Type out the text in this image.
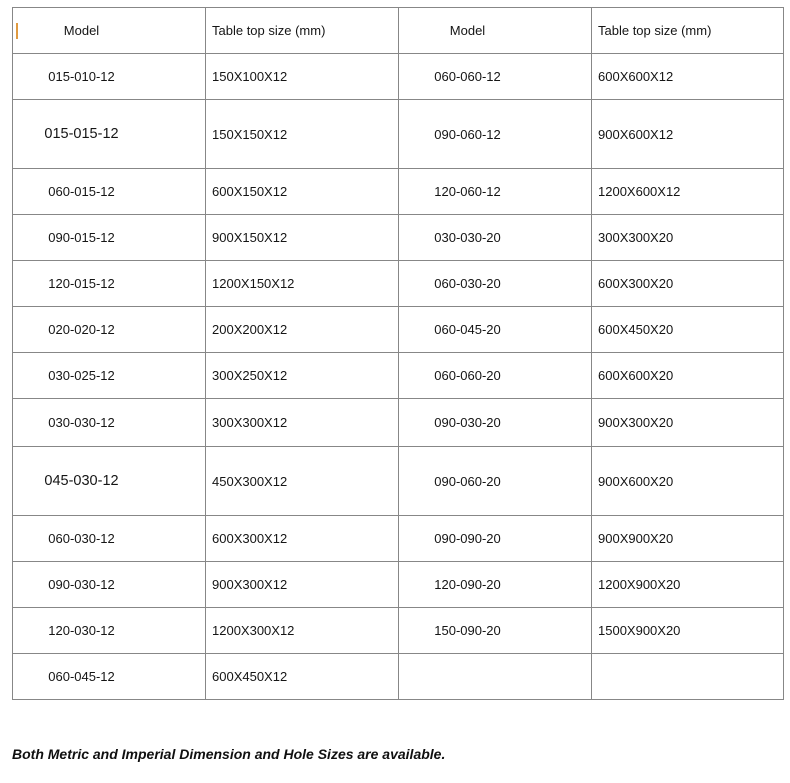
Model	Table top size (mm)	Model	Table top size (mm)
015-010-12	150X100X12	060-060-12	600X600X12
015-015-12	150X150X12	090-060-12	900X600X12
060-015-12	600X150X12	120-060-12	1200X600X12
090-015-12	900X150X12	030-030-20	300X300X20
120-015-12	1200X150X12	060-030-20	600X300X20
020-020-12	200X200X12	060-045-20	600X450X20
030-025-12	300X250X12	060-060-20	600X600X20
030-030-12	300X300X12	090-030-20	900X300X20
045-030-12	450X300X12	090-060-20	900X600X20
060-030-12	600X300X12	090-090-20	900X900X20
090-030-12	900X300X12	120-090-20	1200X900X20
120-030-12	1200X300X12	150-090-20	1500X900X20
060-045-12	600X450X12		

Both Metric and Imperial Dimension and Hole Sizes are available.
